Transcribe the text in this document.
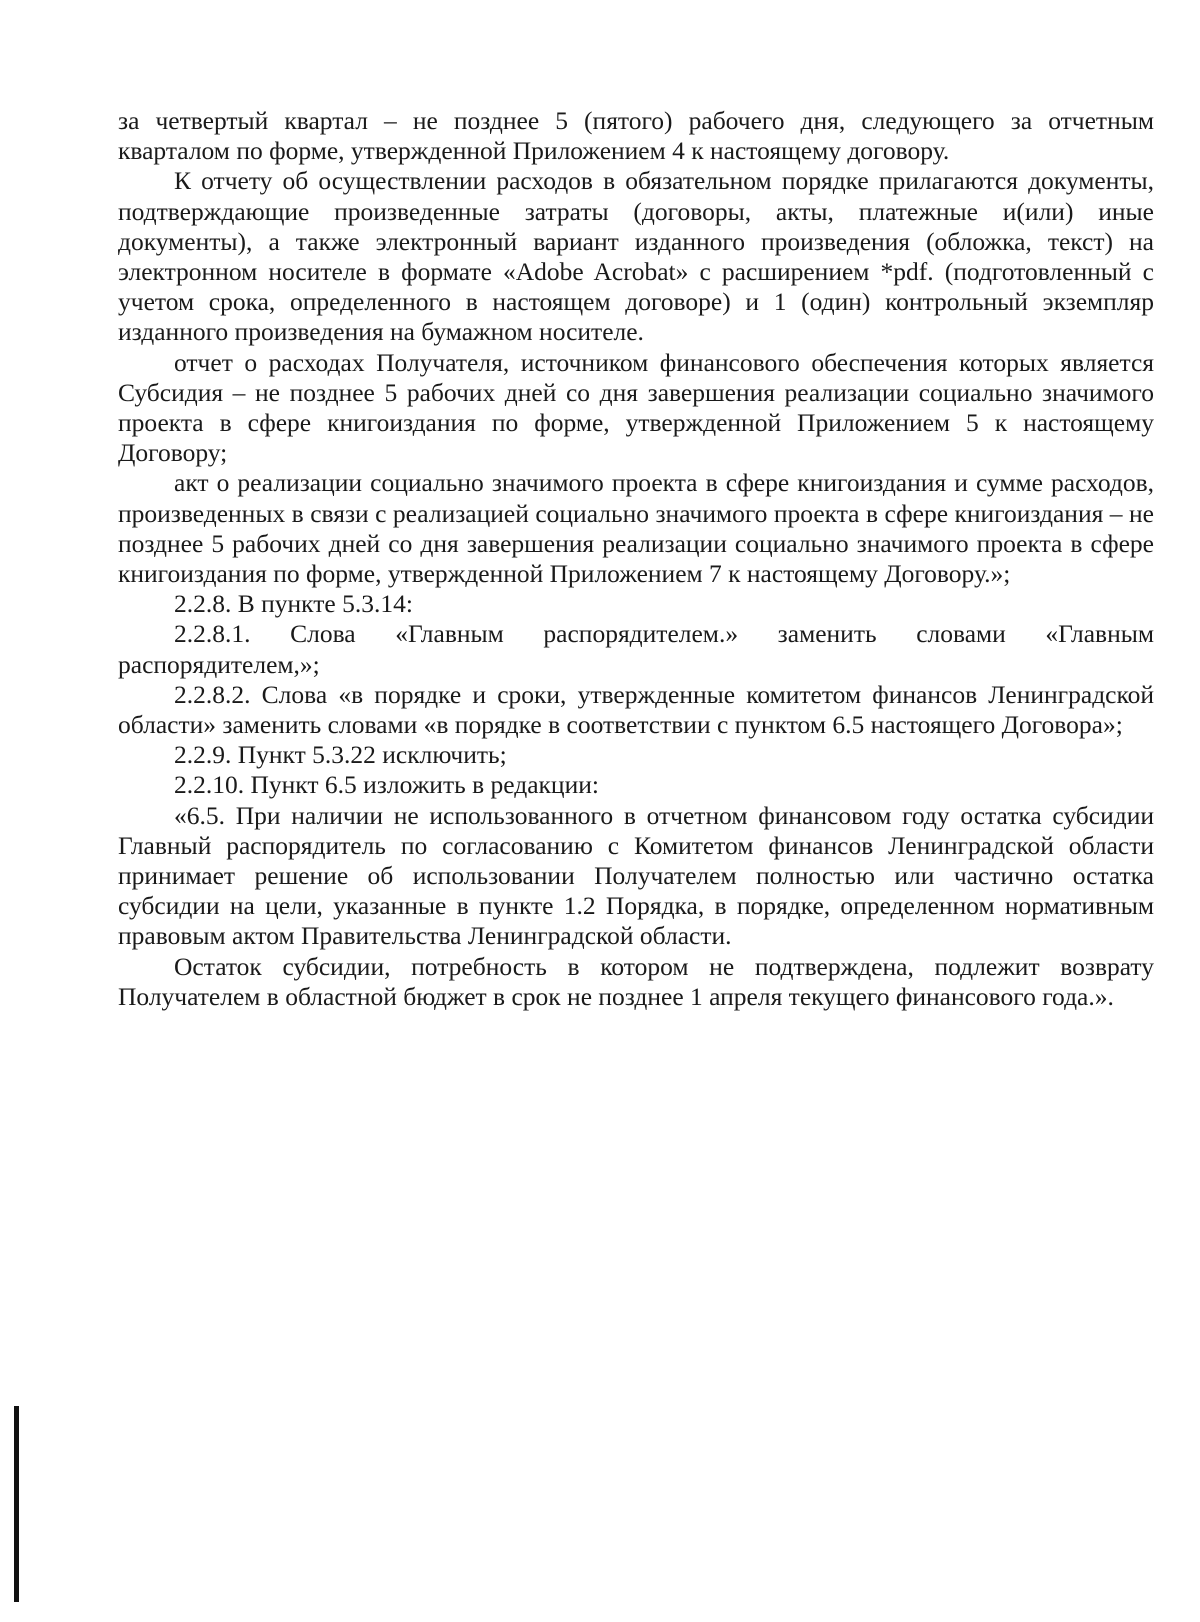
за четвертый квартал – не позднее 5 (пятого) рабочего дня, следующего за отчетным кварталом по форме, утвержденной Приложением 4 к настоящему договору.

К отчету об осуществлении расходов в обязательном порядке прилагаются документы, подтверждающие произведенные затраты (договоры, акты, платежные и(или) иные документы), а также электронный вариант изданного произведения (обложка, текст) на электронном носителе в формате «Adobe Acrobat» с расширением *pdf. (подготовленный с учетом срока, определенного в настоящем договоре) и 1 (один) контрольный экземпляр изданного произведения на бумажном носителе.

отчет о расходах Получателя, источником финансового обеспечения которых является Субсидия – не позднее 5 рабочих дней со дня завершения реализации социально значимого проекта в сфере книгоиздания по форме, утвержденной Приложением 5 к настоящему Договору;

акт о реализации социально значимого проекта в сфере книгоиздания и сумме расходов, произведенных в связи с реализацией социально значимого проекта в сфере книгоиздания – не позднее 5 рабочих дней со дня завершения реализации социально значимого проекта в сфере книгоиздания по форме, утвержденной Приложением 7 к настоящему Договору.»;

2.2.8. В пункте 5.3.14:

2.2.8.1. Слова «Главным распорядителем.» заменить словами «Главным распорядителем,»;

2.2.8.2. Слова «в порядке и сроки, утвержденные комитетом финансов Ленинградской области» заменить словами «в порядке в соответствии с пунктом 6.5 настоящего Договора»;

2.2.9. Пункт 5.3.22 исключить;

2.2.10. Пункт 6.5 изложить в редакции:

«6.5. При наличии не использованного в отчетном финансовом году остатка субсидии Главный распорядитель по согласованию с Комитетом финансов Ленинградской области принимает решение об использовании Получателем полностью или частично остатка субсидии на цели, указанные в пункте 1.2 Порядка, в порядке, определенном нормативным правовым актом Правительства Ленинградской области.

Остаток субсидии, потребность в котором не подтверждена, подлежит возврату Получателем в областной бюджет в срок не позднее 1 апреля текущего финансового года.».
